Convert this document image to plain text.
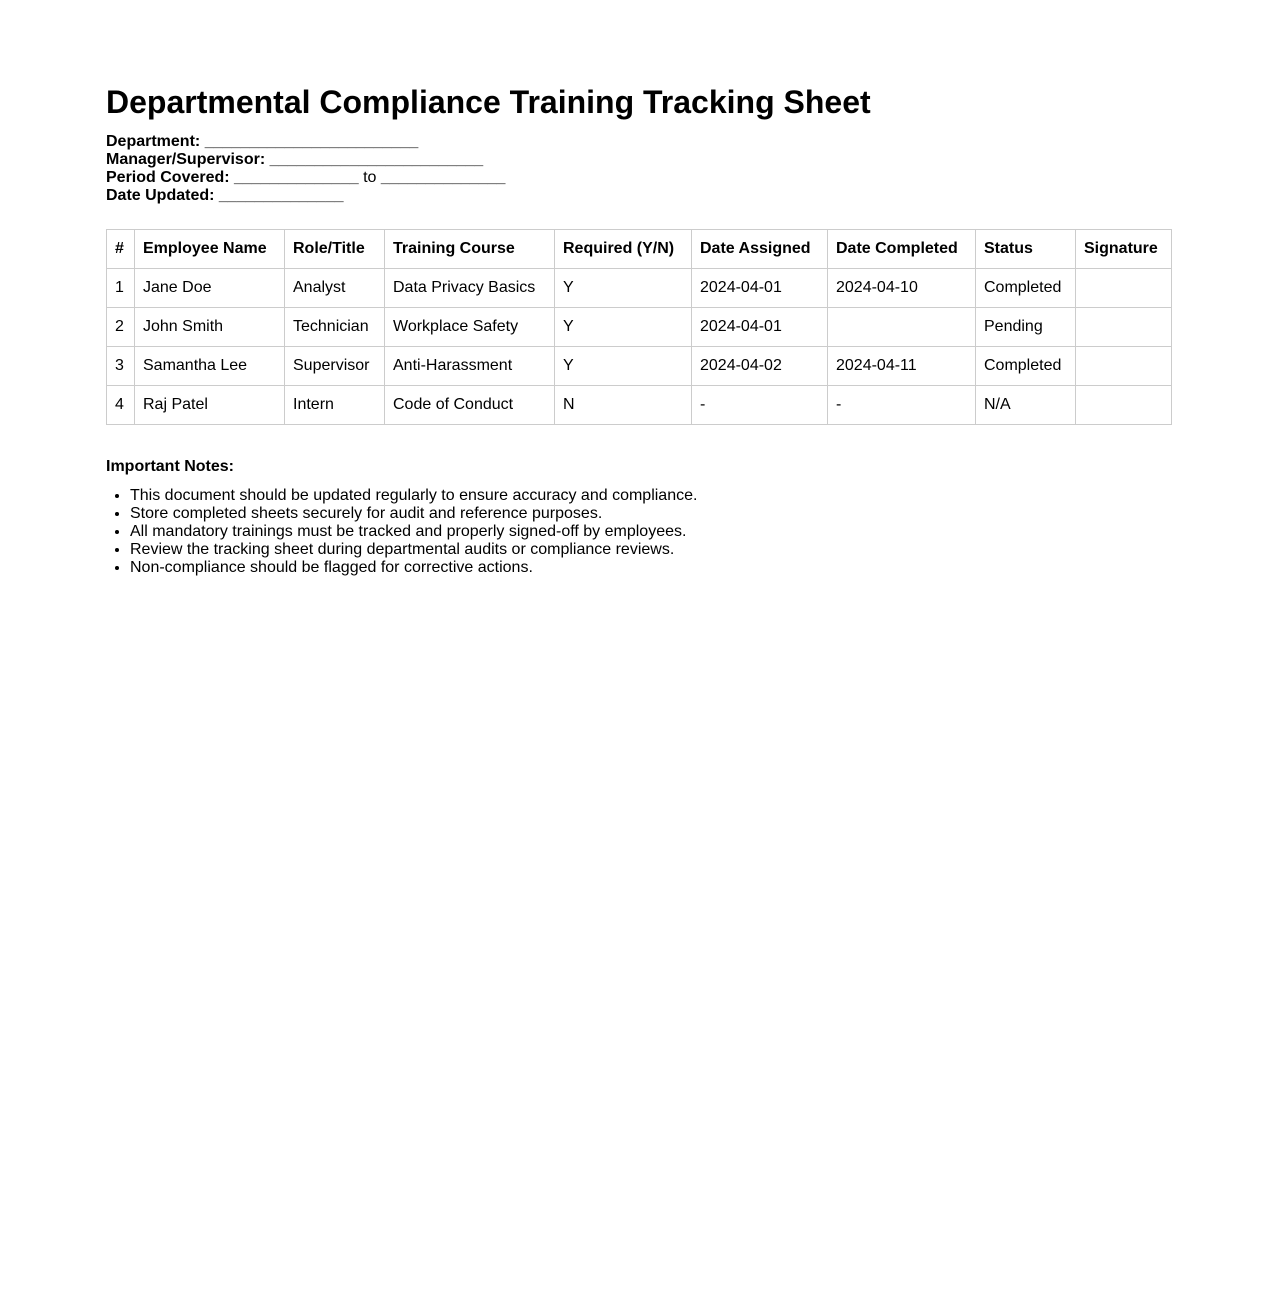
Departmental Compliance Training Tracking Sheet
Department: ________________________
Manager/Supervisor: ________________________
Period Covered: ______________ to ______________
Date Updated: ______________
#	Employee Name	Role/Title	Training Course	Required (Y/N)	Date Assigned	Date Completed	Status	Signature
1	Jane Doe	Analyst	Data Privacy Basics	Y	2024-04-01	2024-04-10	Completed	
2	John Smith	Technician	Workplace Safety	Y	2024-04-01		Pending	
3	Samantha Lee	Supervisor	Anti-Harassment	Y	2024-04-02	2024-04-11	Completed	
4	Raj Patel	Intern	Code of Conduct	N	-	-	N/A	
Important Notes:
• This document should be updated regularly to ensure accuracy and compliance.
• Store completed sheets securely for audit and reference purposes.
• All mandatory trainings must be tracked and properly signed-off by employees.
• Review the tracking sheet during departmental audits or compliance reviews.
• Non-compliance should be flagged for corrective actions.
